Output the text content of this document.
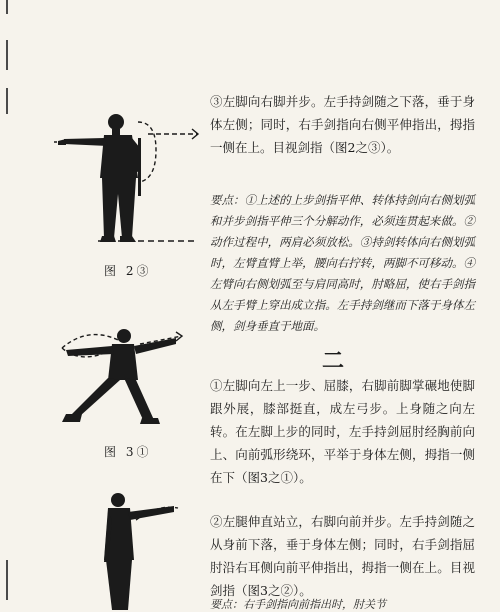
图 2③
图 3①
③左脚向右脚并步。左手持剑随之下落，垂于身体左侧；同时，右手剑指向右侧平伸指出，拇指一侧在上。目视剑指（图2之③）。
要点：①上述的上步剑指平伸、转体持剑向右侧划弧和并步剑指平伸三个分解动作，必须连贯起来做。②动作过程中，两肩必须放松。③持剑转体向右侧划弧时，左臂直臂上举，腰向右拧转，两脚不可移动。④左臂向右侧划弧至与肩同高时，肘略屈，使右手剑指从左手臂上穿出成立指。左手持剑继而下落于身体左侧，剑身垂直于地面。
二
①左脚向左上一步、屈膝，右脚前脚掌碾地使脚跟外展，膝部挺直，成左弓步。上身随之向左转。在左脚上步的同时，左手持剑屈肘经胸前向上、向前弧形绕环，平举于身体左侧，拇指一侧在下（图3之①）。
②左腿伸直站立，右脚向前并步。左手持剑随之从身前下落，垂于身体左侧；同时，右手剑指屈肘沿右耳侧向前平伸指出，拇指一侧在上。目视剑指（图3之②）。
要点：右手剑指向前指出时，肘关节
